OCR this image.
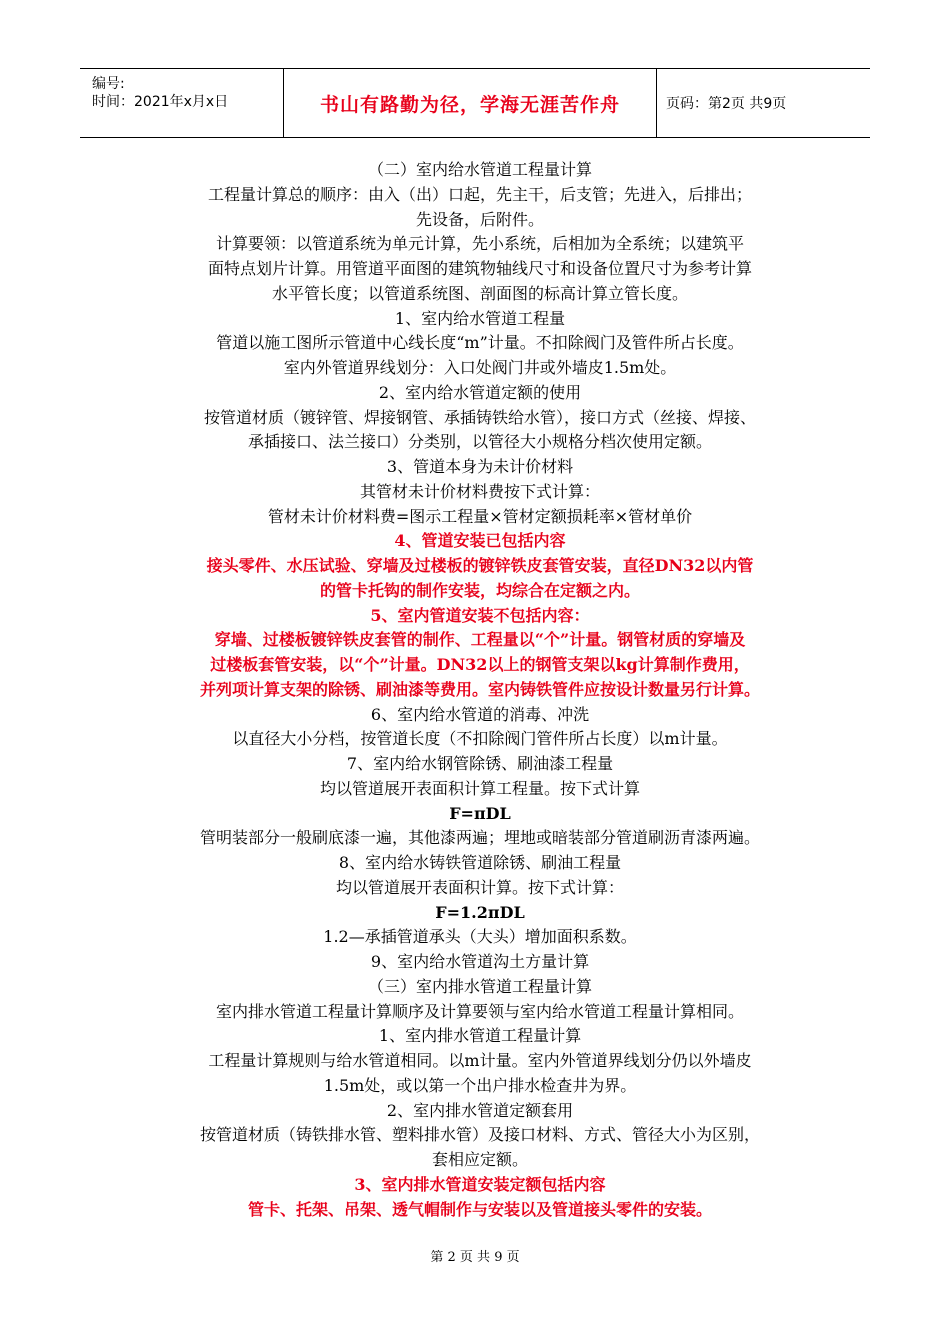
编号:
时间：2021年x月x日	书山有路勤为径，学海无涯苦作舟	页码：第2页 共9页
（二）室内给水管道工程量计算
工程量计算总的顺序：由入（出）口起，先主干，后支管；先进入，后排出；
先设备，后附件。
计算要领：以管道系统为单元计算，先小系统，后相加为全系统；以建筑平
面特点划片计算。用管道平面图的建筑物轴线尺寸和设备位置尺寸为参考计算
水平管长度；以管道系统图、剖面图的标高计算立管长度。
1、室内给水管道工程量
管道以施工图所示管道中心线长度“m”计量。不扣除阀门及管件所占长度。
室内外管道界线划分：入口处阀门井或外墙皮1.5m处。
2、室内给水管道定额的使用
按管道材质（镀锌管、焊接钢管、承插铸铁给水管），接口方式（丝接、焊接、
承插接口、法兰接口）分类别，以管径大小规格分档次使用定额。
3、管道本身为未计价材料
其管材未计价材料费按下式计算：
管材未计价材料费=图示工程量×管材定额损耗率×管材单价
4、管道安装已包括内容
接头零件、水压试验、穿墙及过楼板的镀锌铁皮套管安装，直径DN32以内管
的管卡托钩的制作安装，均综合在定额之内。
5、室内管道安装不包括内容：
穿墙、过楼板镀锌铁皮套管的制作、工程量以“个”计量。钢管材质的穿墙及
过楼板套管安装，以“个”计量。DN32以上的钢管支架以kg计算制作费用，
并列项计算支架的除锈、刷油漆等费用。室内铸铁管件应按设计数量另行计算。
6、室内给水管道的消毒、冲洗
以直径大小分档，按管道长度（不扣除阀门管件所占长度）以m计量。
7、室内给水钢管除锈、刷油漆工程量
均以管道展开表面积计算工程量。按下式计算
F=πDL
管明装部分一般刷底漆一遍，其他漆两遍；埋地或暗装部分管道刷沥青漆两遍。
8、室内给水铸铁管道除锈、刷油工程量
均以管道展开表面积计算。按下式计算：
F=1.2πDL
1.2—承插管道承头（大头）增加面积系数。
9、室内给水管道沟土方量计算
（三）室内排水管道工程量计算
室内排水管道工程量计算顺序及计算要领与室内给水管道工程量计算相同。
1、室内排水管道工程量计算
工程量计算规则与给水管道相同。以m计量。室内外管道界线划分仍以外墙皮
1.5m处，或以第一个出户排水检查井为界。
2、室内排水管道定额套用
按管道材质（铸铁排水管、塑料排水管）及接口材料、方式、管径大小为区别，
套相应定额。
3、室内排水管道安装定额包括内容
管卡、托架、吊架、透气帽制作与安装以及管道接头零件的安装。
第 2 页 共 9 页
